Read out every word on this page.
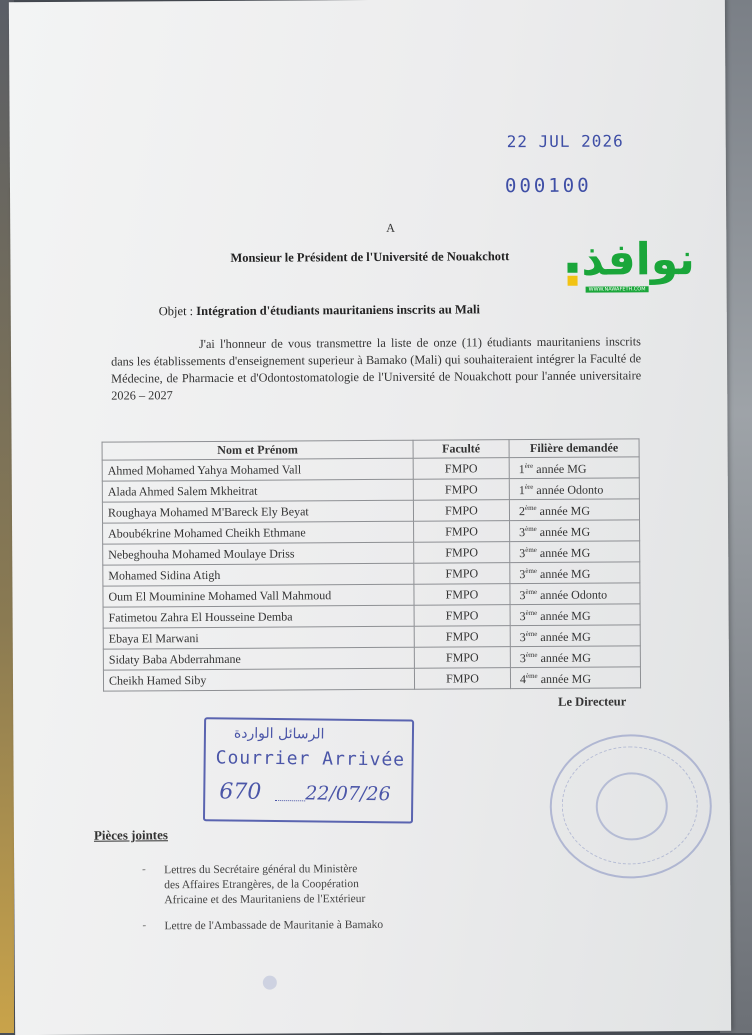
22 JUL 2026
000100
A
Monsieur le Président de l'Université de Nouakchott نوافذ
WWW.NAWAFETH.COM
Objet : Intégration d'étudiants mauritaniens inscrits au Mali
J'ai l'honneur de vous transmettre la liste de onze (11) étudiants mauritaniens inscrits dans les établissements d'enseignement superieur à Bamako (Mali) qui souhaiteraient intégrer la Faculté de Médecine, de Pharmacie et d'Odontostomatologie de l'Université de Nouakchott pour l'année universitaire 2026 – 2027
Nom et Prénom	Faculté	Filière demandée
Ahmed Mohamed Yahya Mohamed Vall	FMPO	1ère année MG
Alada Ahmed Salem Mkheitrat	FMPO	1ère année Odonto
Roughaya Mohamed M'Bareck Ely Beyat	FMPO	2ème année MG
Aboubékrine Mohamed Cheikh Ethmane	FMPO	3ème année MG
Nebeghouha Mohamed Moulaye Driss	FMPO	3ème année MG
Mohamed Sidina Atigh	FMPO	3ème année MG
Oum El Mouminine Mohamed Vall Mahmoud	FMPO	3ème année Odonto
Fatimetou Zahra El Housseine Demba	FMPO	3ème année MG
Ebaya El Marwani	FMPO	3ème année MG
Sidaty Baba Abderrahmane	FMPO	3ème année MG
Cheikh Hamed Siby	FMPO	4ème année MG
Le Directeur
الرسائل الواردة
Courrier Arrivée
670 22/07/26
Pièces jointes
- Lettres du Secrétaire général du Ministère
des Affaires Etrangères, de la Coopération
Africaine et des Mauritaniens de l'Extérieur
- Lettre de l'Ambassade de Mauritanie à Bamako
